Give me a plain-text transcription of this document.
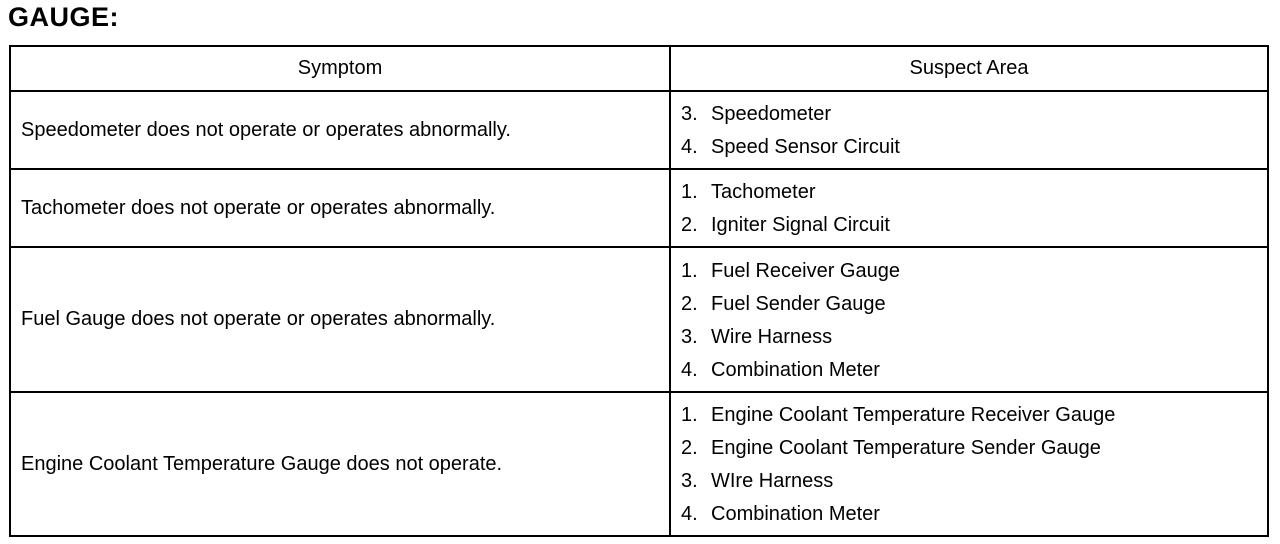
GAUGE:
Symptom	Suspect Area
Speedometer does not operate or operates abnormally.	3. Speedometer
4. Speed Sensor Circuit

Tachometer does not operate or operates abnormally.	1. Tachometer
2. Igniter Signal Circuit

Fuel Gauge does not operate or operates abnormally.	1. Fuel Receiver Gauge
2. Fuel Sender Gauge
3. Wire Harness
4. Combination Meter

Engine Coolant Temperature Gauge does not operate.	1. Engine Coolant Temperature Receiver Gauge
2. Engine Coolant Temperature Sender Gauge
3. WIre Harness
4. Combination Meter
